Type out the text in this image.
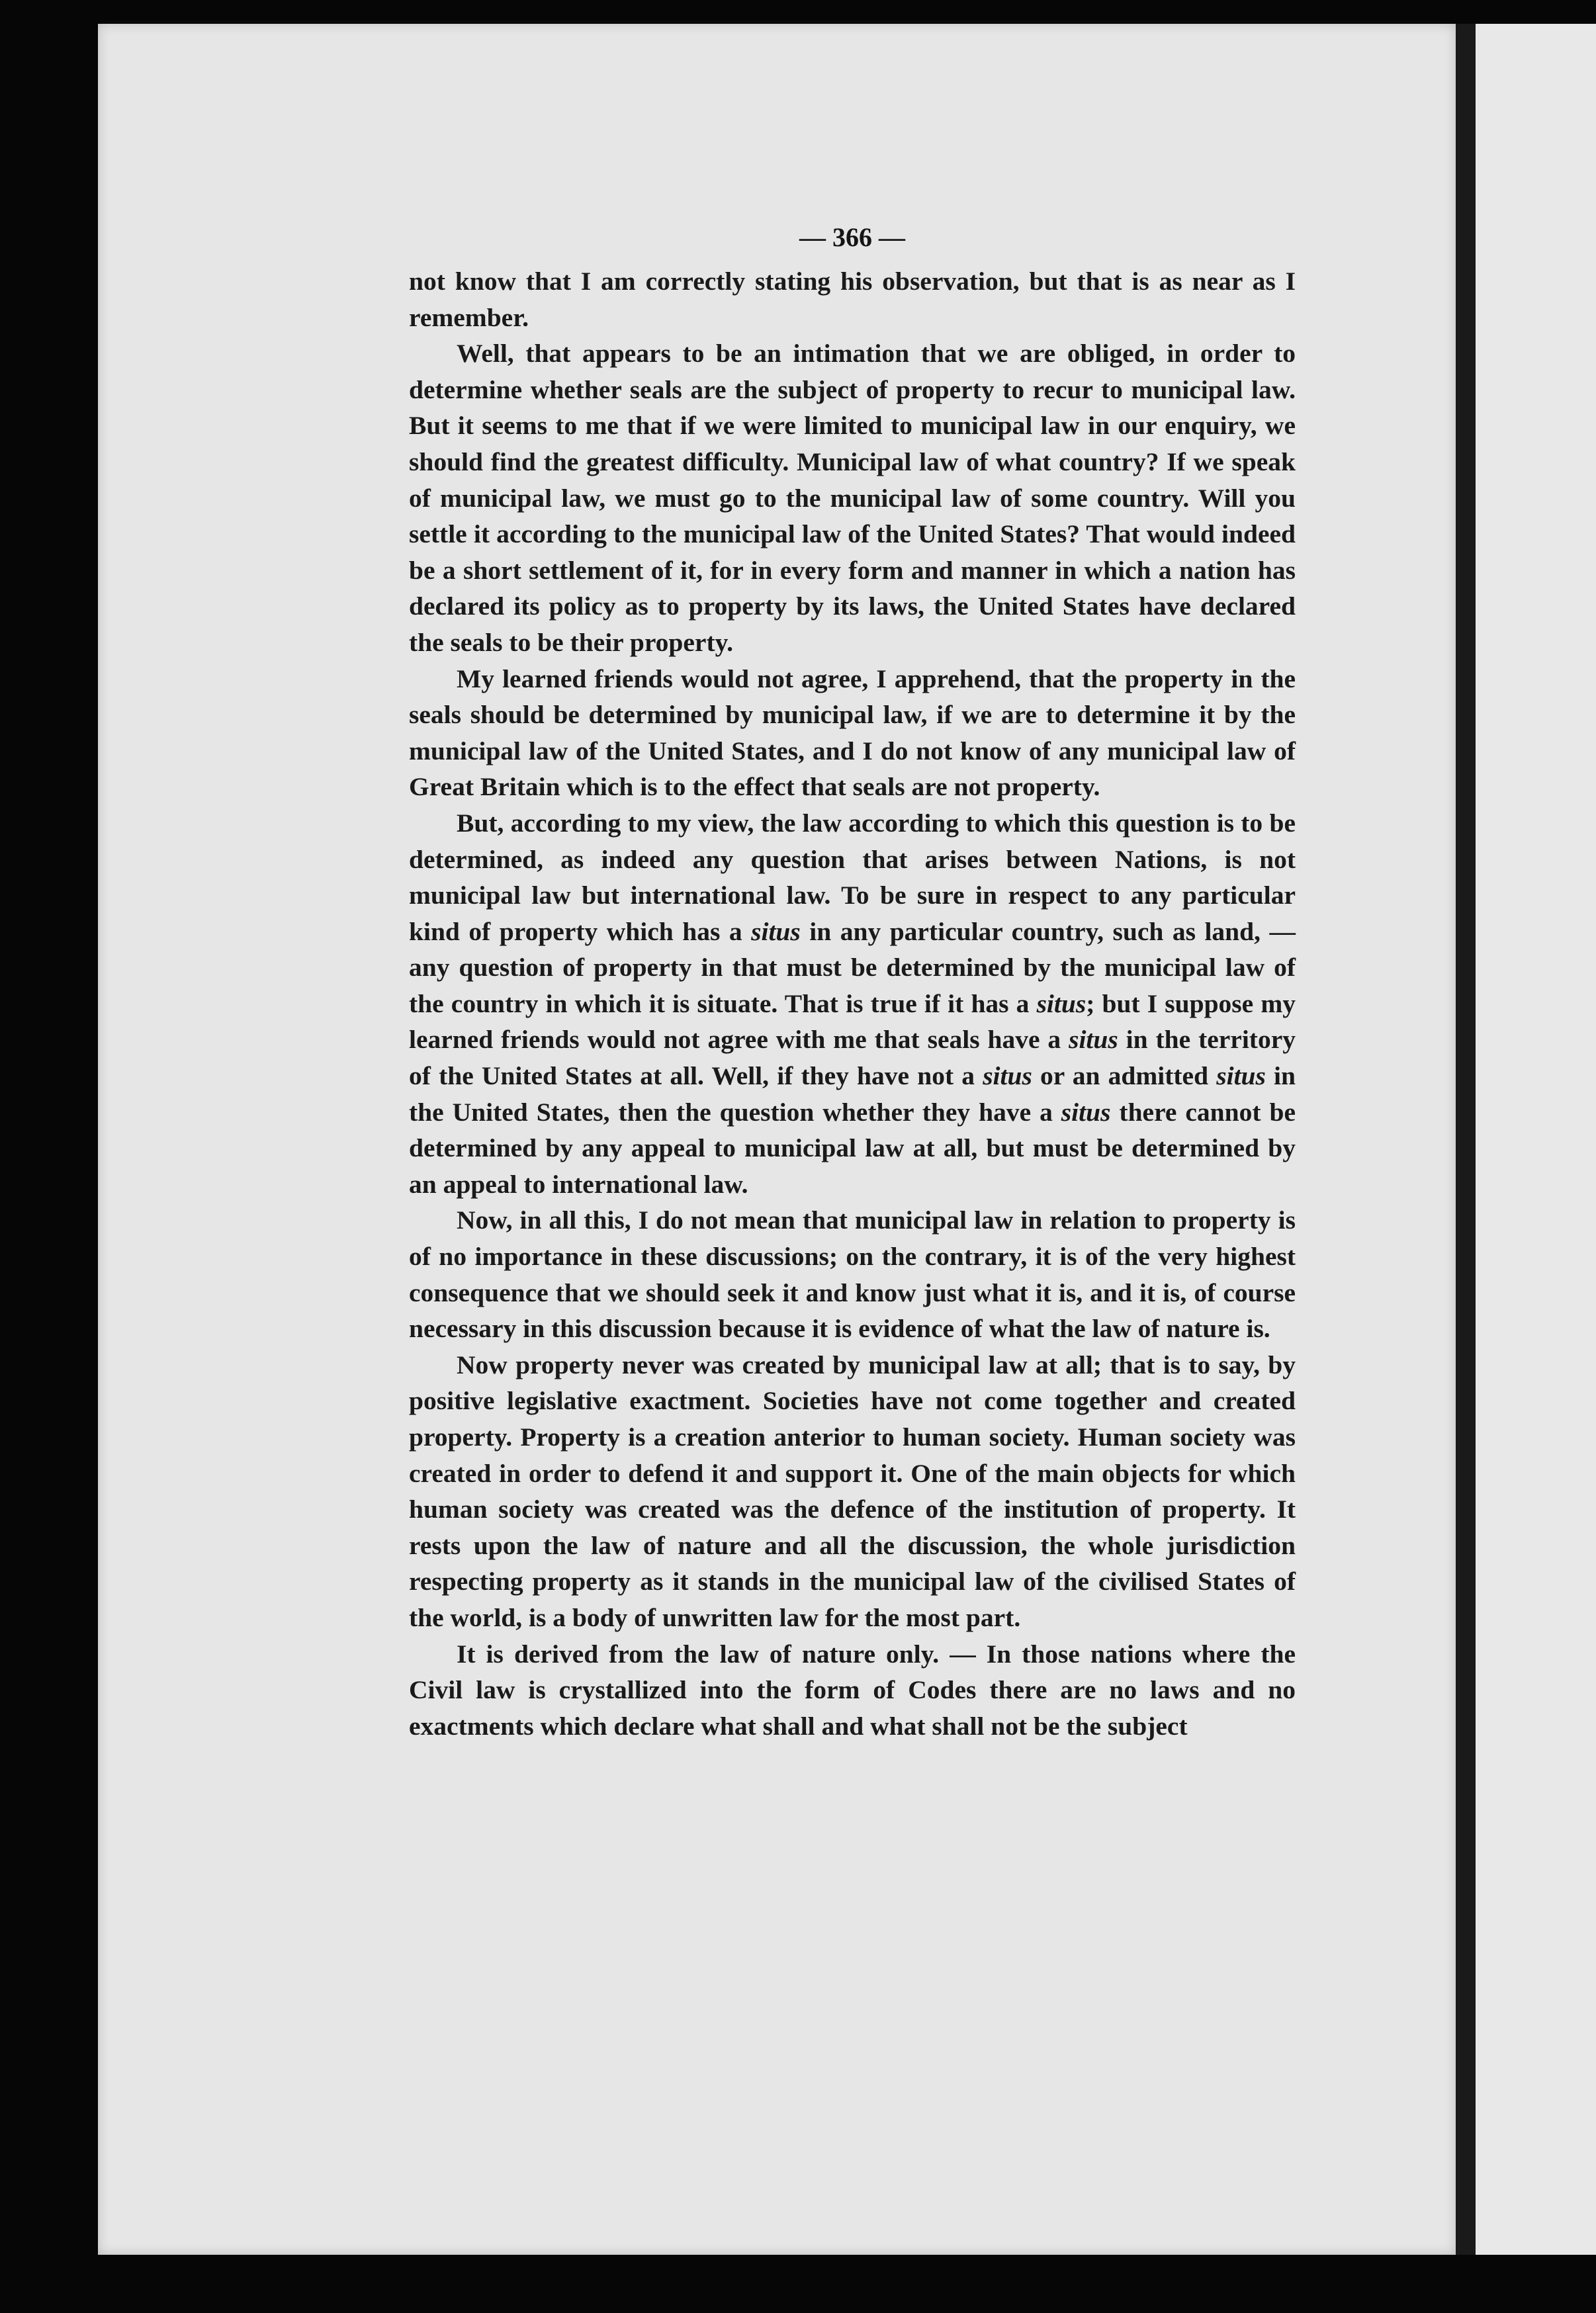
— 366 —

not know that I am correctly stating his observation, but that is as near as I remember.

Well, that appears to be an intimation that we are obliged, in order to determine whether seals are the subject of property to recur to municipal law. But it seems to me that if we were limited to municipal law in our enquiry, we should find the greatest difficulty. Municipal law of what country? If we speak of municipal law, we must go to the municipal law of some country. Will you settle it according to the municipal law of the United States? That would indeed be a short settlement of it, for in every form and manner in which a nation has declared its policy as to property by its laws, the United States have declared the seals to be their property.

My learned friends would not agree, I apprehend, that the property in the seals should be determined by municipal law, if we are to determine it by the municipal law of the United States, and I do not know of any municipal law of Great Britain which is to the effect that seals are not property.

But, according to my view, the law according to which this question is to be determined, as indeed any question that arises between Nations, is not municipal law but international law. To be sure in respect to any particular kind of property which has a situs in any particular country, such as land, — any question of property in that must be determined by the municipal law of the country in which it is situate. That is true if it has a situs; but I suppose my learned friends would not agree with me that seals have a situs in the territory of the United States at all. Well, if they have not a situs or an admitted situs in the United States, then the question whether they have a situs there cannot be determined by any appeal to municipal law at all, but must be determined by an appeal to international law.

Now, in all this, I do not mean that municipal law in relation to property is of no importance in these discussions; on the contrary, it is of the very highest consequence that we should seek it and know just what it is, and it is, of course necessary in this discussion because it is evidence of what the law of nature is.

Now property never was created by municipal law at all; that is to say, by positive legislative exactment. Societies have not come together and created property. Property is a creation anterior to human society. Human society was created in order to defend it and support it. One of the main objects for which human society was created was the defence of the institution of property. It rests upon the law of nature and all the discussion, the whole jurisdiction respecting property as it stands in the municipal law of the civilised States of the world, is a body of unwritten law for the most part.

It is derived from the law of nature only. — In those nations where the Civil law is crystallized into the form of Codes there are no laws and no exactments which declare what shall and what shall not be the subject
